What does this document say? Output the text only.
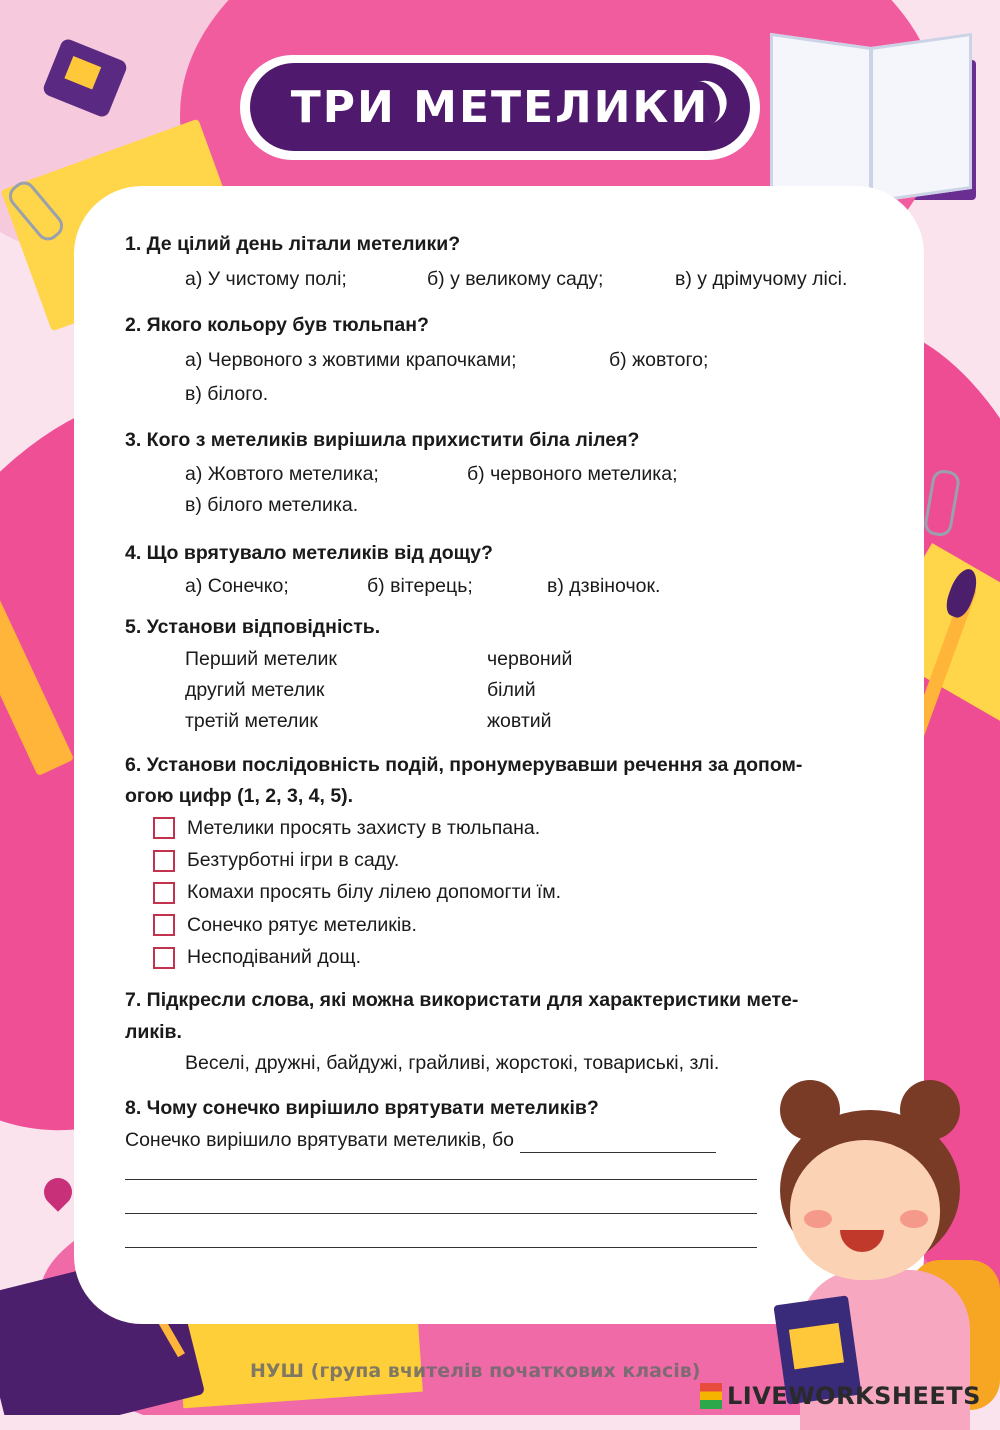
ТРИ МЕТЕЛИКИ

1. Де цілий день літали метелики?

а) У чистому полі;	б) у великому саду;	в) у дрімучому лісі.

2. Якого кольору був тюльпан?

а) Червоного з жовтими крапочками;	б) жовтого;
в) білого.

3. Кого з метеликів вирішила прихистити біла лілея?

а) Жовтого метелика;	б) червоного метелика;
в) білого метелика.

4. Що врятувало метеликів від дощу?

а) Сонечко;	б) вітерець;	в) дзвіночок.

5. Установи відповідність.

Перший метелик	червоний
другий метелик	білий
третій метелик	жовтий

6. Установи послідовність подій, пронумерувавши речення за допом-

огою цифр (1, 2, 3, 4, 5).

Метелики просять захисту в тюльпана.
Безтурботні ігри в саду.
Комахи просять білу лілею допомогти їм.
Сонечко рятує метеликів.
Несподіваний дощ.

7. Підкресли слова, які можна використати для характеристики мете-

ликів.

Веселі, дружні, байдужі, грайливі, жорстокі, товариські, злі.

8. Чому сонечко вирішило врятувати метеликів?

Сонечко вирішило врятувати метеликів, бо
НУШ (група вчителів початкових класів)
LIVEWORKSHEETS
